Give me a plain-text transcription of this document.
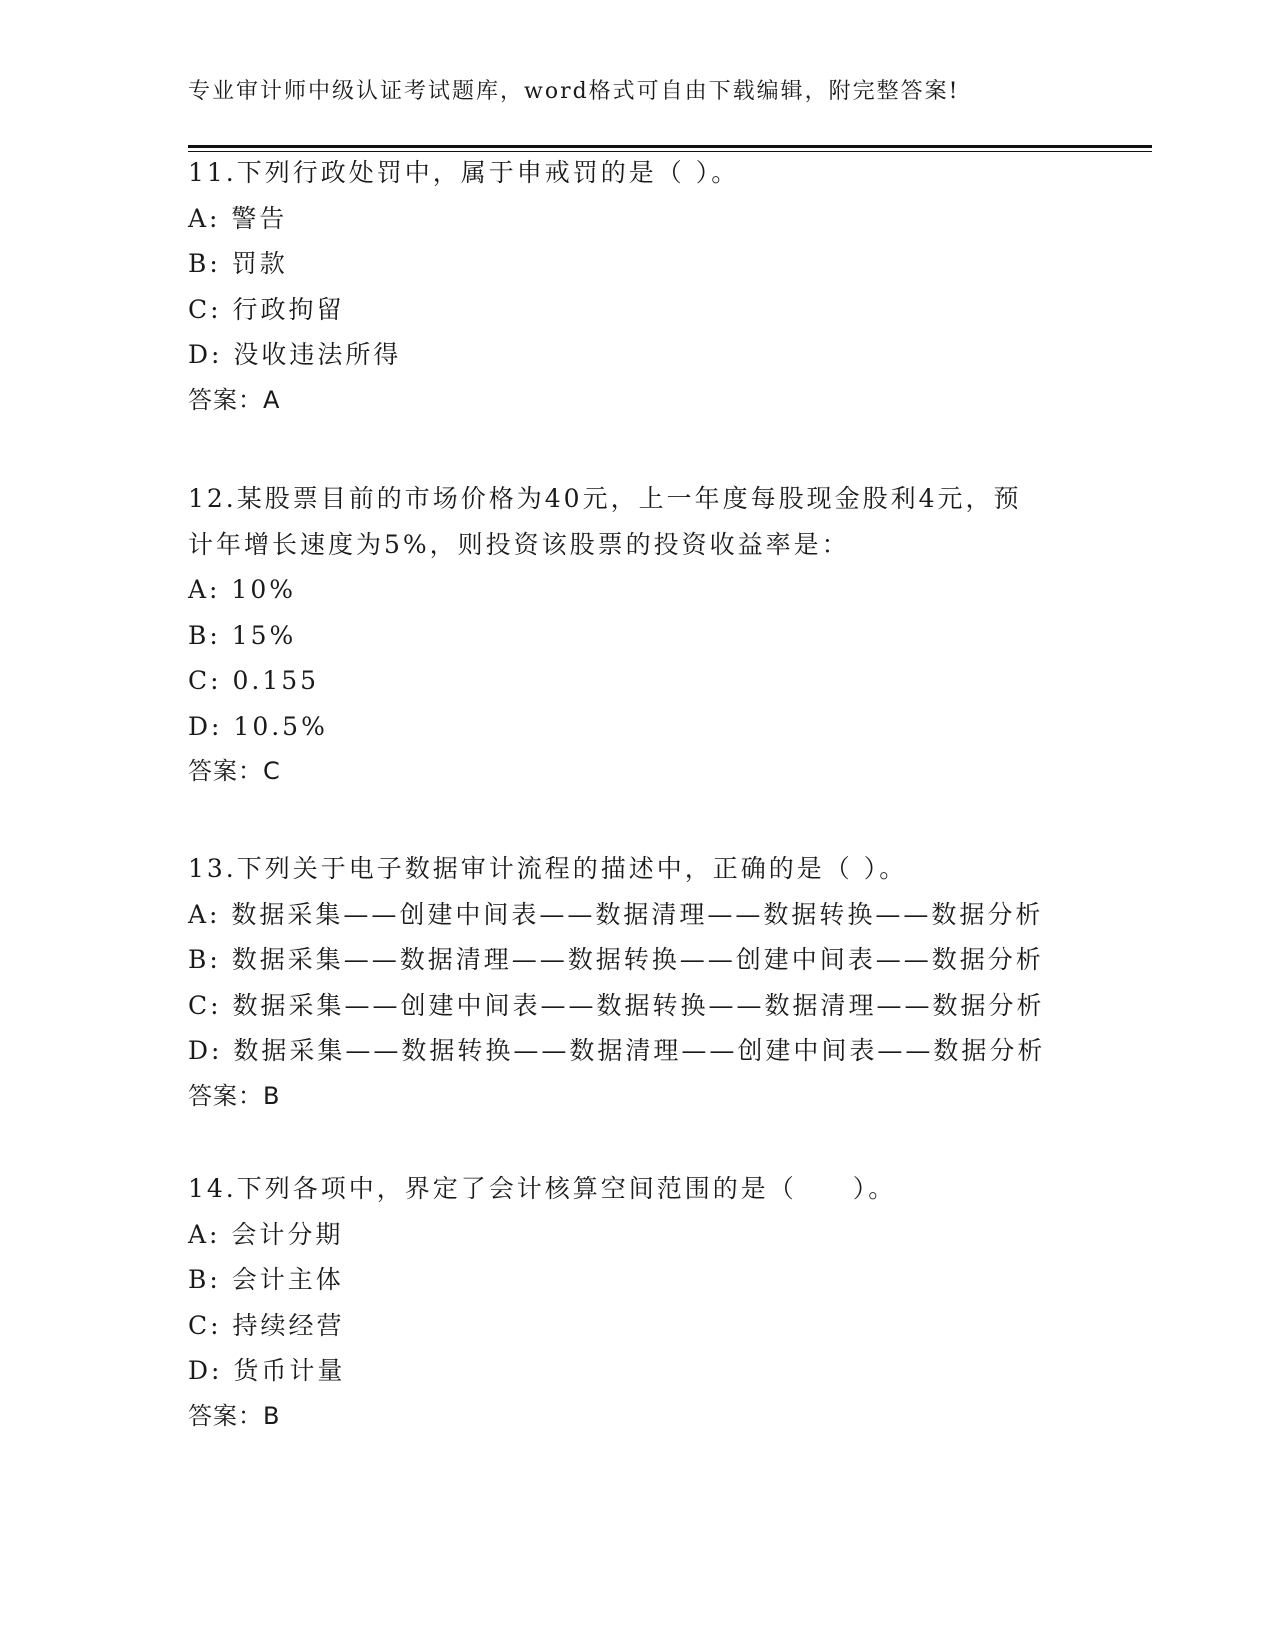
专业审计师中级认证考试题库，word格式可自由下载编辑，附完整答案!
11.下列行政处罚中，属于申戒罚的是（ ）。
A: 警告
B: 罚款
C: 行政拘留
D: 没收违法所得
答案：A
12.某股票目前的市场价格为40元，上一年度每股现金股利4元，预
计年增长速度为5%，则投资该股票的投资收益率是：
A: 10%
B: 15%
C: 0.155
D: 10.5%
答案：C
13.下列关于电子数据审计流程的描述中，正确的是（ ）。
A: 数据采集——创建中间表——数据清理——数据转换——数据分析
B: 数据采集——数据清理——数据转换——创建中间表——数据分析
C: 数据采集——创建中间表——数据转换——数据清理——数据分析
D: 数据采集——数据转换——数据清理——创建中间表——数据分析
答案：B
14.下列各项中，界定了会计核算空间范围的是（　　）。
A: 会计分期
B: 会计主体
C: 持续经营
D: 货币计量
答案：B
